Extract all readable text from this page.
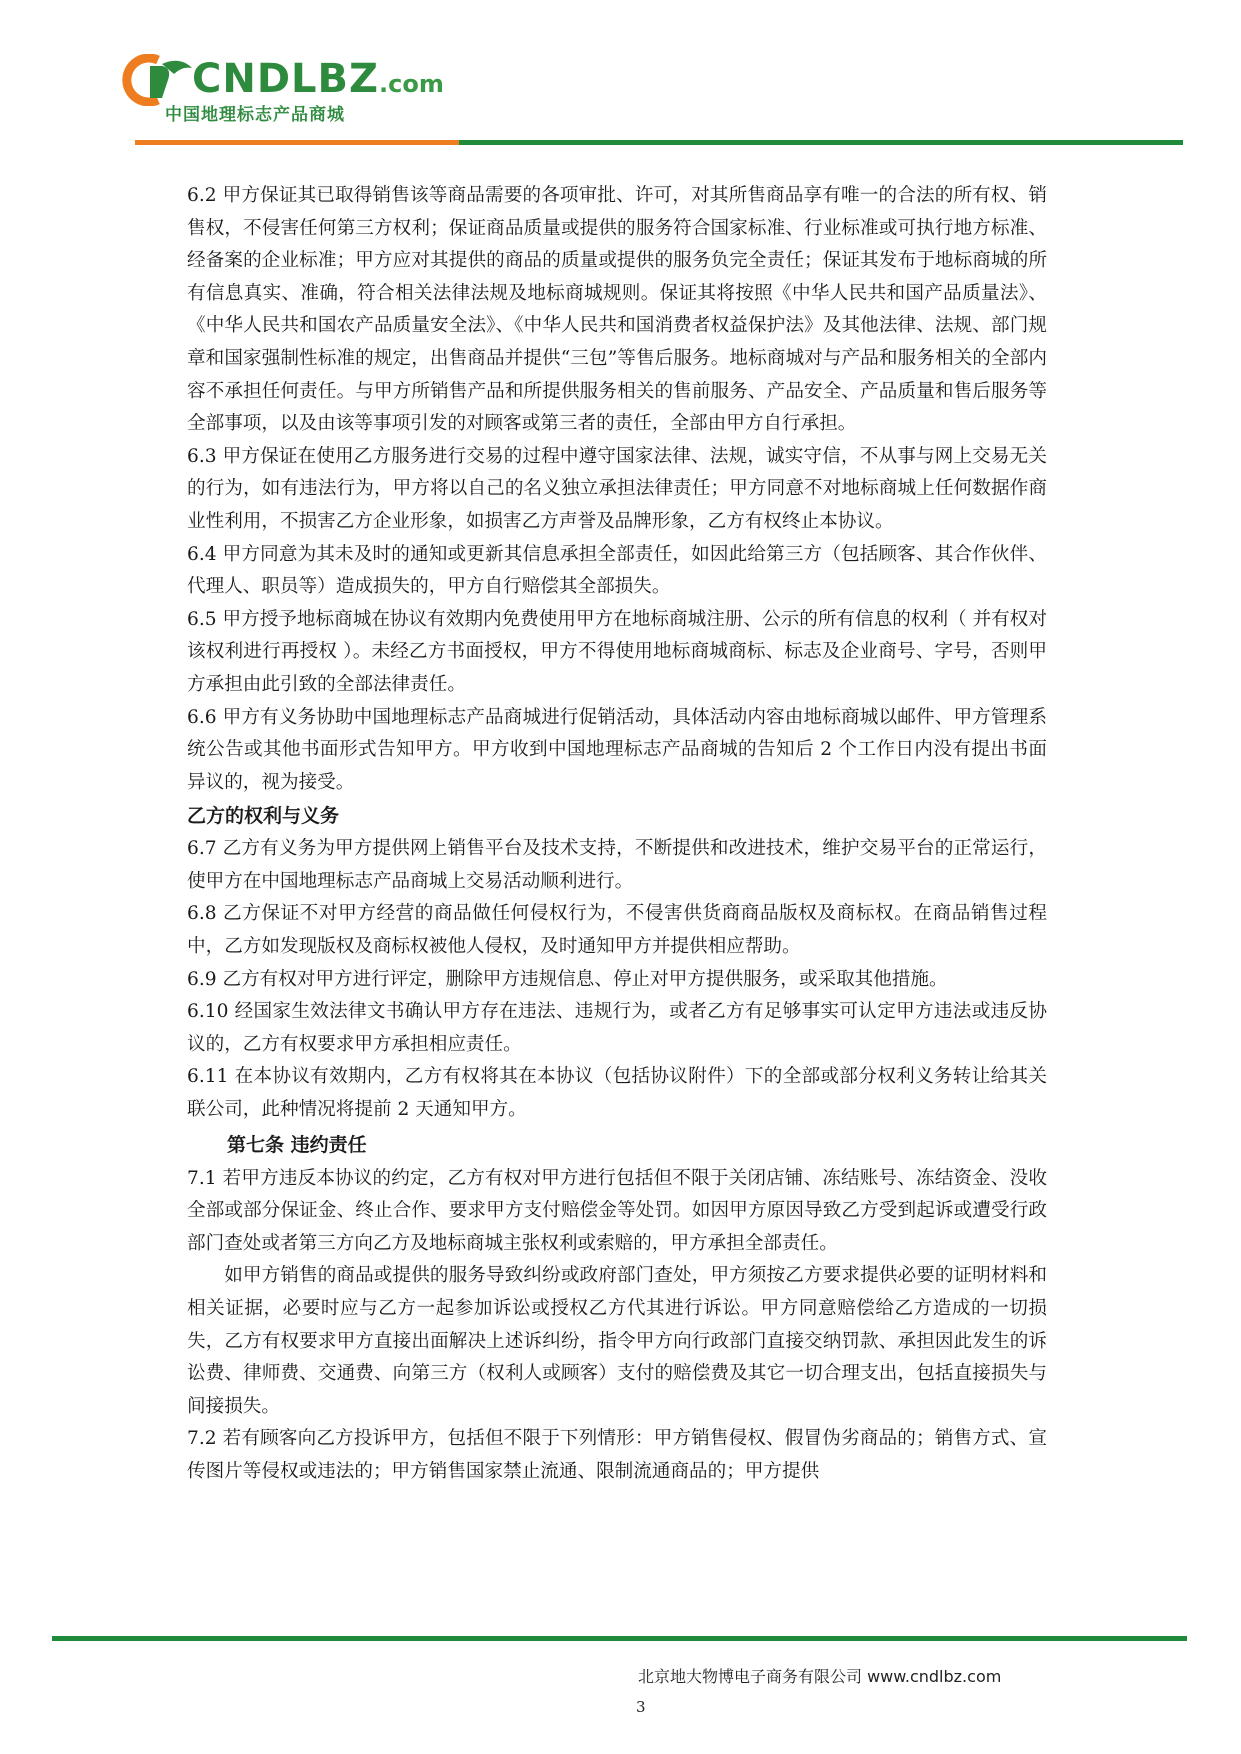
CNDLBZ.com
中国地理标志产品商城

6.2 甲方保证其已取得销售该等商品需要的各项审批、许可，对其所售商品享有唯一的合法的所有权、销售权，不侵害任何第三方权利；保证商品质量或提供的服务符合国家标准、行业标准或可执行地方标准、经备案的企业标准；甲方应对其提供的商品的质量或提供的服务负完全责任；保证其发布于地标商城的所有信息真实、准确，符合相关法律法规及地标商城规则。保证其将按照《中华人民共和国产品质量法》、《中华人民共和国农产品质量安全法》、《中华人民共和国消费者权益保护法》及其他法律、法规、部门规章和国家强制性标准的规定，出售商品并提供“三包”等售后服务。地标商城对与产品和服务相关的全部内容不承担任何责任。与甲方所销售产品和所提供服务相关的售前服务、产品安全、产品质量和售后服务等全部事项，以及由该等事项引发的对顾客或第三者的责任，全部由甲方自行承担。

6.3 甲方保证在使用乙方服务进行交易的过程中遵守国家法律、法规，诚实守信，不从事与网上交易无关的行为，如有违法行为，甲方将以自己的名义独立承担法律责任；甲方同意不对地标商城上任何数据作商业性利用，不损害乙方企业形象，如损害乙方声誉及品牌形象，乙方有权终止本协议。

6.4 甲方同意为其未及时的通知或更新其信息承担全部责任，如因此给第三方（包括顾客、其合作伙伴、代理人、职员等）造成损失的，甲方自行赔偿其全部损失。

6.5 甲方授予地标商城在协议有效期内免费使用甲方在地标商城注册、公示的所有信息的权利（ 并有权对该权利进行再授权 ）。未经乙方书面授权，甲方不得使用地标商城商标、标志及企业商号、字号，否则甲方承担由此引致的全部法律责任。

6.6 甲方有义务协助中国地理标志产品商城进行促销活动，具体活动内容由地标商城以邮件、甲方管理系统公告或其他书面形式告知甲方。甲方收到中国地理标志产品商城的告知后 2 个工作日内没有提出书面异议的，视为接受。

乙方的权利与义务

6.7 乙方有义务为甲方提供网上销售平台及技术支持，不断提供和改进技术，维护交易平台的正常运行，使甲方在中国地理标志产品商城上交易活动顺利进行。

6.8 乙方保证不对甲方经营的商品做任何侵权行为，不侵害供货商商品版权及商标权。在商品销售过程中，乙方如发现版权及商标权被他人侵权，及时通知甲方并提供相应帮助。

6.9 乙方有权对甲方进行评定，删除甲方违规信息、停止对甲方提供服务，或采取其他措施。

6.10 经国家生效法律文书确认甲方存在违法、违规行为，或者乙方有足够事实可认定甲方违法或违反协议的，乙方有权要求甲方承担相应责任。

6.11 在本协议有效期内，乙方有权将其在本协议（包括协议附件）下的全部或部分权利义务转让给其关联公司，此种情况将提前 2 天通知甲方。

第七条 违约责任

7.1 若甲方违反本协议的约定，乙方有权对甲方进行包括但不限于关闭店铺、冻结账号、冻结资金、没收全部或部分保证金、终止合作、要求甲方支付赔偿金等处罚。如因甲方原因导致乙方受到起诉或遭受行政部门查处或者第三方向乙方及地标商城主张权利或索赔的，甲方承担全部责任。

如甲方销售的商品或提供的服务导致纠纷或政府部门查处，甲方须按乙方要求提供必要的证明材料和相关证据，必要时应与乙方一起参加诉讼或授权乙方代其进行诉讼。甲方同意赔偿给乙方造成的一切损失，乙方有权要求甲方直接出面解决上述诉纠纷，指令甲方向行政部门直接交纳罚款、承担因此发生的诉讼费、律师费、交通费、向第三方（权利人或顾客）支付的赔偿费及其它一切合理支出，包括直接损失与间接损失。

7.2 若有顾客向乙方投诉甲方，包括但不限于下列情形：甲方销售侵权、假冒伪劣商品的；销售方式、宣传图片等侵权或违法的；甲方销售国家禁止流通、限制流通商品的；甲方提供

北京地大物博电子商务有限公司 www.cndlbz.com
3
